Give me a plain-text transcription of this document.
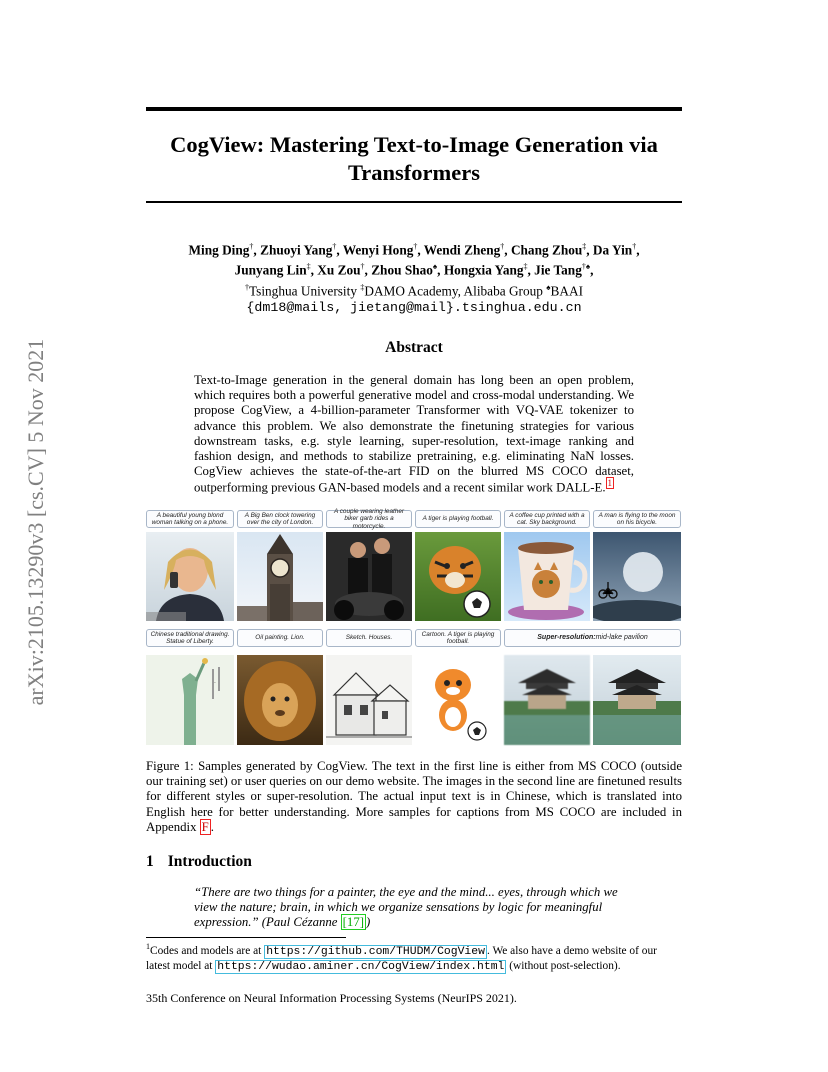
arXiv:2105.13290v3 [cs.CV] 5 Nov 2021
CogView: Mastering Text-to-Image Generation via
Transformers
Ming Ding†, Zhuoyi Yang†, Wenyi Hong†, Wendi Zheng†, Chang Zhou‡, Da Yin†,
Junyang Lin‡, Xu Zou†, Zhou Shao♠, Hongxia Yang‡, Jie Tang†♠,
†Tsinghua University ‡DAMO Academy, Alibaba Group ♠BAAI
{dm18@mails, jietang@mail}.tsinghua.edu.cn
Abstract
Text-to-Image generation in the general domain has long been an open problem, which requires both a powerful generative model and cross-modal understanding. We propose CogView, a 4-billion-parameter Transformer with VQ-VAE tokenizer to advance this problem. We also demonstrate the finetuning strategies for various downstream tasks, e.g. style learning, super-resolution, text-image ranking and fashion design, and methods to stabilize pretraining, e.g. eliminating NaN losses. CogView achieves the state-of-the-art FID on the blurred MS COCO dataset, outperforming previous GAN-based models and a recent similar work DALL-E. $^1$
A beautiful young blond woman talking on a phone.
A Big Ben clock towering over the city of London.
A couple wearing leather biker garb rides a motorcycle.
A tiger is playing football.
A coffee cup printed with a cat. Sky background.
A man is flying to the moon on his bicycle.
Chinese traditional drawing. Statue of Liberty.
Oil painting. Lion.	Sketch. Houses.
Cartoon. A tiger is playing football.
Super-resolution: mid-lake pavilion
·
Figure 1: Samples generated by CogView. The text in the first line is either from MS COCO (outside our training set) or user queries on our demo website. The images in the second line are finetuned results for different styles or super-resolution. The actual input text is in Chinese, which is translated into English here for better understanding. More samples for captions from MS COCO are included in Appendix F .
1 Introduction
“There are two things for a painter, the eye and the mind... eyes, through which we view the nature; brain, in which we organize sensations by logic for meaningful expression.” (Paul Cézanne [17] )
$^1$Codes and models are at https://github.com/THUDM/CogView . We also have a demo website of our latest model at https://wudao.aminer.cn/CogView/index.html (without post-selection).
35th Conference on Neural Information Processing Systems (NeurIPS 2021).
